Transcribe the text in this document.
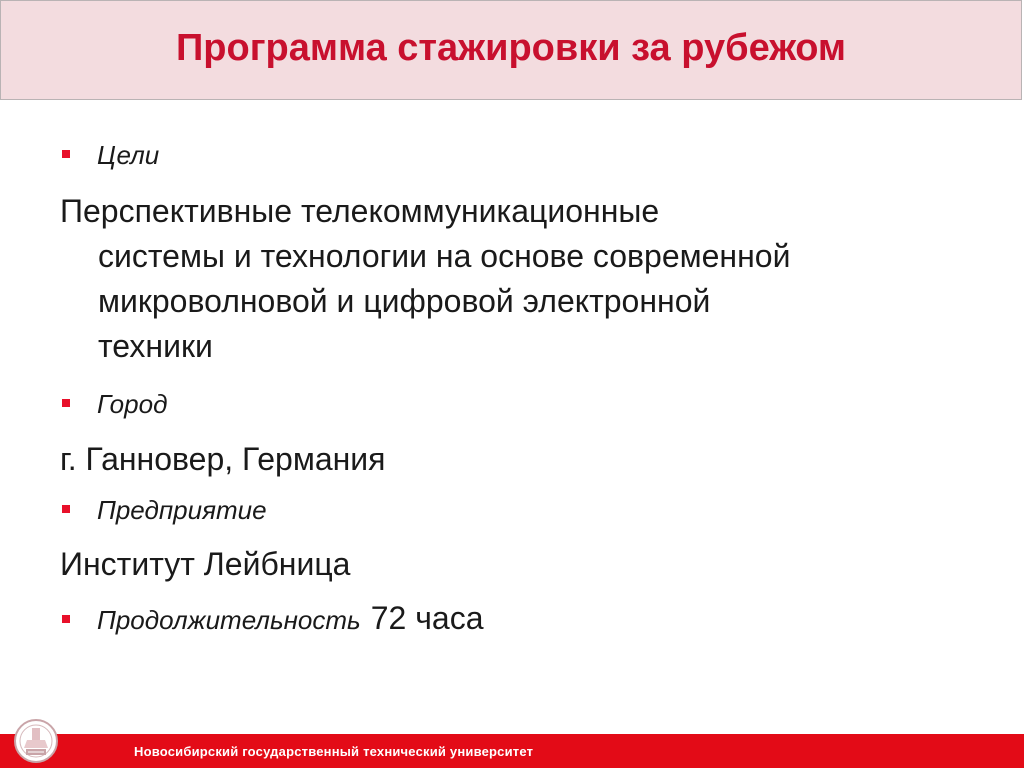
Программа стажировки за рубежом
Цели
Перспективные телекоммуникационные
системы и технологии на основе современной
микроволновой и цифровой электронной
техники
Город
г. Ганновер, Германия
Предприятие
Институт Лейбница
Продолжительность 72 часа
Новосибирский государственный технический университет
